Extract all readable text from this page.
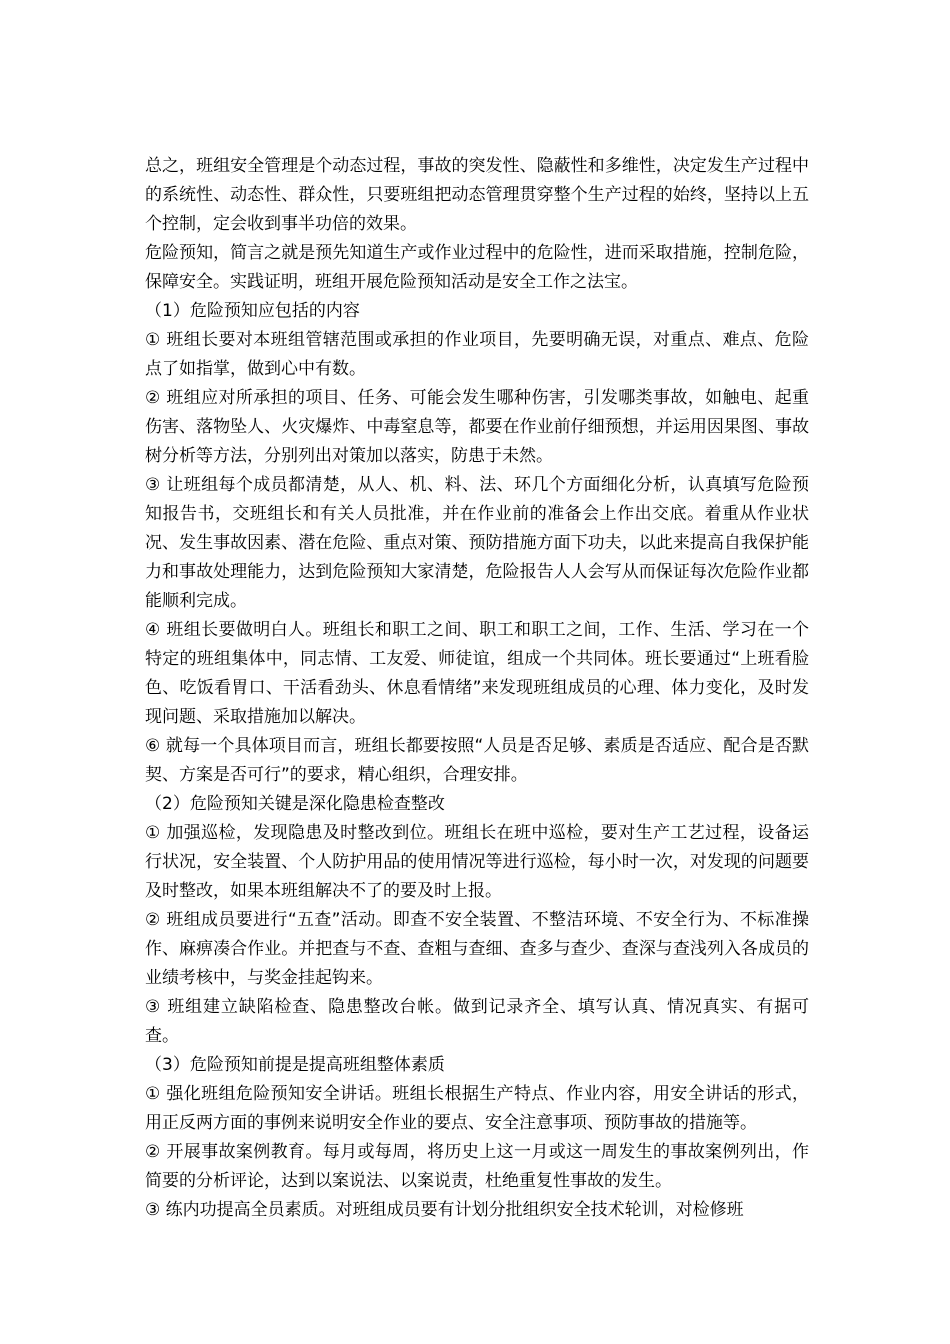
总之，班组安全管理是个动态过程，事故的突发性、隐蔽性和多维性，决定发生产过程中的系统性、动态性、群众性，只要班组把动态管理贯穿整个生产过程的始终，坚持以上五个控制，定会收到事半功倍的效果。

危险预知，简言之就是预先知道生产或作业过程中的危险性，进而采取措施，控制危险，保障安全。实践证明，班组开展危险预知活动是安全工作之法宝。

（1）危险预知应包括的内容

① 班组长要对本班组管辖范围或承担的作业项目，先要明确无误，对重点、难点、危险点了如指掌，做到心中有数。

② 班组应对所承担的项目、任务、可能会发生哪种伤害，引发哪类事故，如触电、起重伤害、落物坠人、火灾爆炸、中毒窒息等，都要在作业前仔细预想，并运用因果图、事故树分析等方法，分别列出对策加以落实，防患于未然。

③ 让班组每个成员都清楚，从人、机、料、法、环几个方面细化分析，认真填写危险预知报告书，交班组长和有关人员批准，并在作业前的准备会上作出交底。着重从作业状况、发生事故因素、潜在危险、重点对策、预防措施方面下功夫，以此来提高自我保护能力和事故处理能力，达到危险预知大家清楚，危险报告人人会写从而保证每次危险作业都能顺利完成。

④ 班组长要做明白人。班组长和职工之间、职工和职工之间，工作、生活、学习在一个特定的班组集体中，同志情、工友爱、师徒谊，组成一个共同体。班长要通过“上班看脸色、吃饭看胃口、干活看劲头、休息看情绪”来发现班组成员的心理、体力变化，及时发现问题、采取措施加以解决。

⑥ 就每一个具体项目而言，班组长都要按照“人员是否足够、素质是否适应、配合是否默契、方案是否可行”的要求，精心组织，合理安排。

（2）危险预知关键是深化隐患检查整改

① 加强巡检，发现隐患及时整改到位。班组长在班中巡检，要对生产工艺过程，设备运行状况，安全装置、个人防护用品的使用情况等进行巡检，每小时一次，对发现的问题要及时整改，如果本班组解决不了的要及时上报。

② 班组成员要进行“五查”活动。即查不安全装置、不整洁环境、不安全行为、不标准操作、麻痹凑合作业。并把查与不查、查粗与查细、查多与查少、查深与查浅列入各成员的业绩考核中，与奖金挂起钩来。

③ 班组建立缺陷检查、隐患整改台帐。做到记录齐全、填写认真、情况真实、有据可查。

（3）危险预知前提是提高班组整体素质

① 强化班组危险预知安全讲话。班组长根据生产特点、作业内容，用安全讲话的形式，用正反两方面的事例来说明安全作业的要点、安全注意事项、预防事故的措施等。

② 开展事故案例教育。每月或每周，将历史上这一月或这一周发生的事故案例列出，作简要的分析评论，达到以案说法、以案说责，杜绝重复性事故的发生。

③ 练内功提高全员素质。对班组成员要有计划分批组织安全技术轮训，对检修班
